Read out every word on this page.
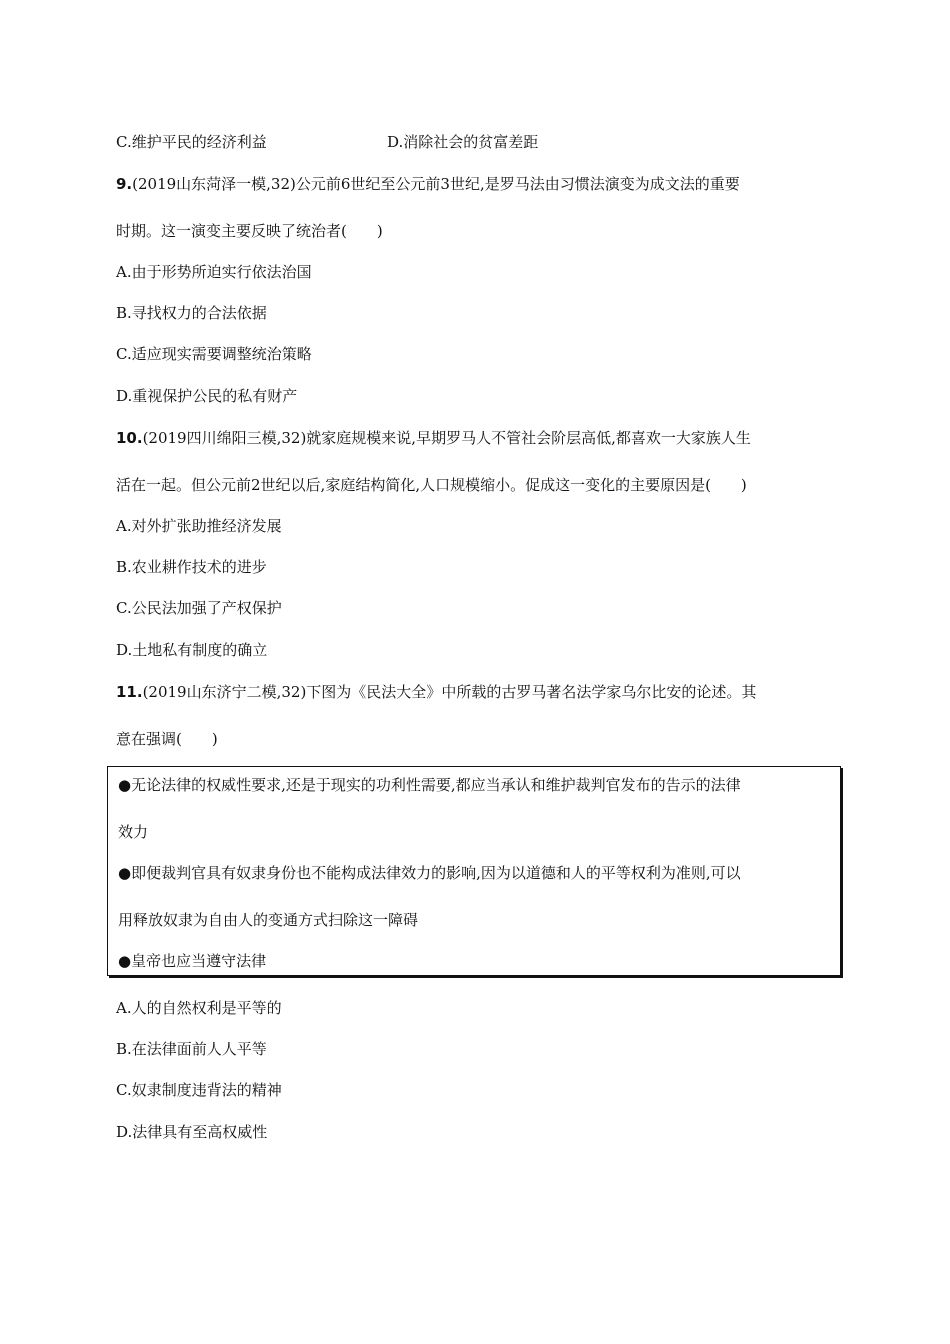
C.维护平民的经济利益	D.消除社会的贫富差距
9.(2019山东菏泽一模,32)公元前6世纪至公元前3世纪,是罗马法由习惯法演变为成文法的重要
时期。这一演变主要反映了统治者(　　)
A.由于形势所迫实行依法治国
B.寻找权力的合法依据
C.适应现实需要调整统治策略
D.重视保护公民的私有财产
10.(2019四川绵阳三模,32)就家庭规模来说,早期罗马人不管社会阶层高低,都喜欢一大家族人生
活在一起。但公元前2世纪以后,家庭结构简化,人口规模缩小。促成这一变化的主要原因是(　　)
A.对外扩张助推经济发展
B.农业耕作技术的进步
C.公民法加强了产权保护
D.土地私有制度的确立
11.(2019山东济宁二模,32)下图为《民法大全》中所载的古罗马著名法学家乌尔比安的论述。其
意在强调(　　)
●无论法律的权威性要求,还是于现实的功利性需要,都应当承认和维护裁判官发布的告示的法律
效力
●即便裁判官具有奴隶身份也不能构成法律效力的影响,因为以道德和人的平等权利为准则,可以
用释放奴隶为自由人的变通方式扫除这一障碍
●皇帝也应当遵守法律
A.人的自然权利是平等的
B.在法律面前人人平等
C.奴隶制度违背法的精神
D.法律具有至高权威性
